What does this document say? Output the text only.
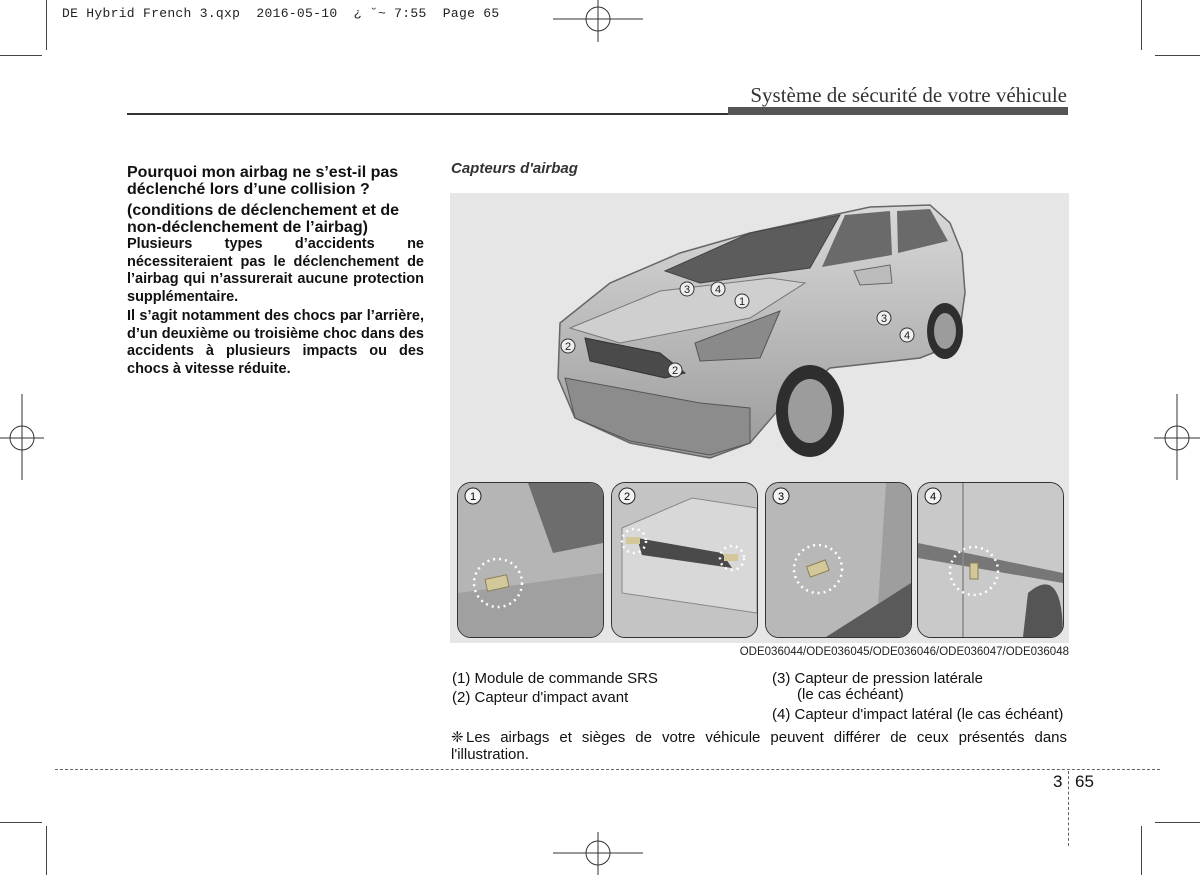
DE Hybrid French 3.qxp  2016-05-10  ¿ ˘~ 7:55  Page 65
Système de sécurité de votre véhicule
Pourquoi mon airbag ne s’est-il pas déclenché lors d’une collision ?
(conditions de déclenchement et de non-déclenchement de l’airbag)

Plusieurs types d’accidents ne nécessiteraient pas le déclenchement de l’airbag qui n’assurerait aucune protection supplémentaire.

Il s’agit notamment des chocs par l’arrière, d’un deuxième ou troisième choc dans des accidents à plusieurs impacts ou des chocs à vitesse réduite.

Capteurs d'airbag
3 4
1
2
2
3
4
1	2	3	4
ODE036044/ODE036045/ODE036046/ODE036047/ODE036048
(1) Module de commande SRS
(2) Capteur d'impact avant
(3) Capteur de pression latérale
(le cas échéant)
(4) Capteur d'impact latéral (le cas échéant)
❈ Les airbags et sièges de votre véhicule peuvent différer de ceux présentés dans l'illustration.
3 65
